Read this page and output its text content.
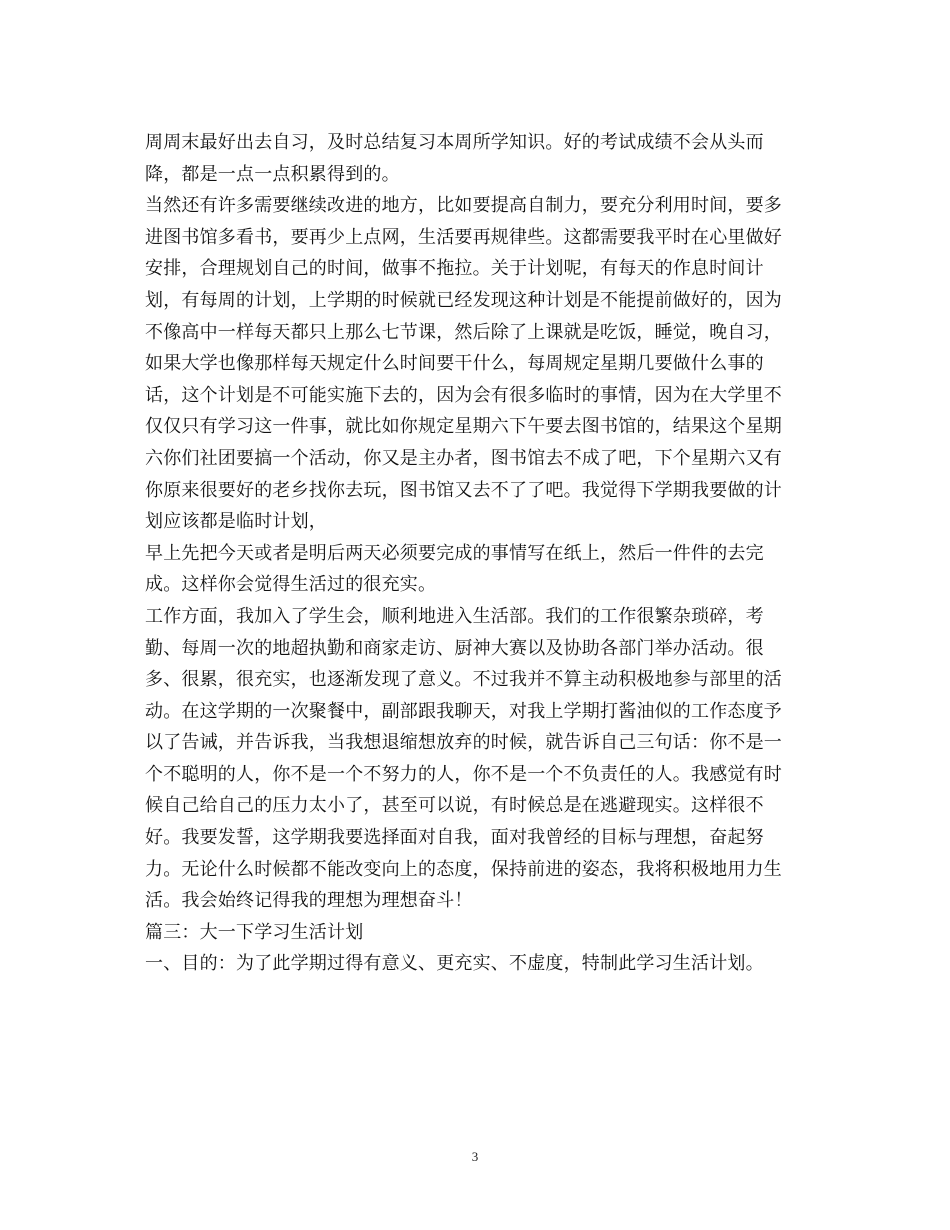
周周末最好出去自习，及时总结复习本周所学知识。好的考试成绩不会从头而降，都是一点一点积累得到的。

当然还有许多需要继续改进的地方，比如要提高自制力，要充分利用时间，要多进图书馆多看书，要再少上点网，生活要再规律些。这都需要我平时在心里做好安排，合理规划自己的时间，做事不拖拉。关于计划呢，有每天的作息时间计划，有每周的计划，上学期的时候就已经发现这种计划是不能提前做好的，因为不像高中一样每天都只上那么七节课，然后除了上课就是吃饭，睡觉，晚自习，如果大学也像那样每天规定什么时间要干什么，每周规定星期几要做什么事的话，这个计划是不可能实施下去的，因为会有很多临时的事情，因为在大学里不仅仅只有学习这一件事，就比如你规定星期六下午要去图书馆的，结果这个星期六你们社团要搞一个活动，你又是主办者，图书馆去不成了吧，下个星期六又有你原来很要好的老乡找你去玩，图书馆又去不了了吧。我觉得下学期我要做的计划应该都是临时计划，

早上先把今天或者是明后两天必须要完成的事情写在纸上，然后一件件的去完成。这样你会觉得生活过的很充实。

工作方面，我加入了学生会，顺利地进入生活部。我们的工作很繁杂琐碎，考勤、每周一次的地超执勤和商家走访、厨神大赛以及协助各部门举办活动。很多、很累，很充实，也逐渐发现了意义。不过我并不算主动积极地参与部里的活动。在这学期的一次聚餐中，副部跟我聊天，对我上学期打酱油似的工作态度予以了告诫，并告诉我，当我想退缩想放弃的时候，就告诉自己三句话：你不是一个不聪明的人，你不是一个不努力的人，你不是一个不负责任的人。我感觉有时候自己给自己的压力太小了，甚至可以说，有时候总是在逃避现实。这样很不好。我要发誓，这学期我要选择面对自我，面对我曾经的目标与理想，奋起努力。无论什么时候都不能改变向上的态度，保持前进的姿态，我将积极地用力生活。我会始终记得我的理想为理想奋斗！

篇三：大一下学习生活计划

一、目的：为了此学期过得有意义、更充实、不虚度，特制此学习生活计划。

3
